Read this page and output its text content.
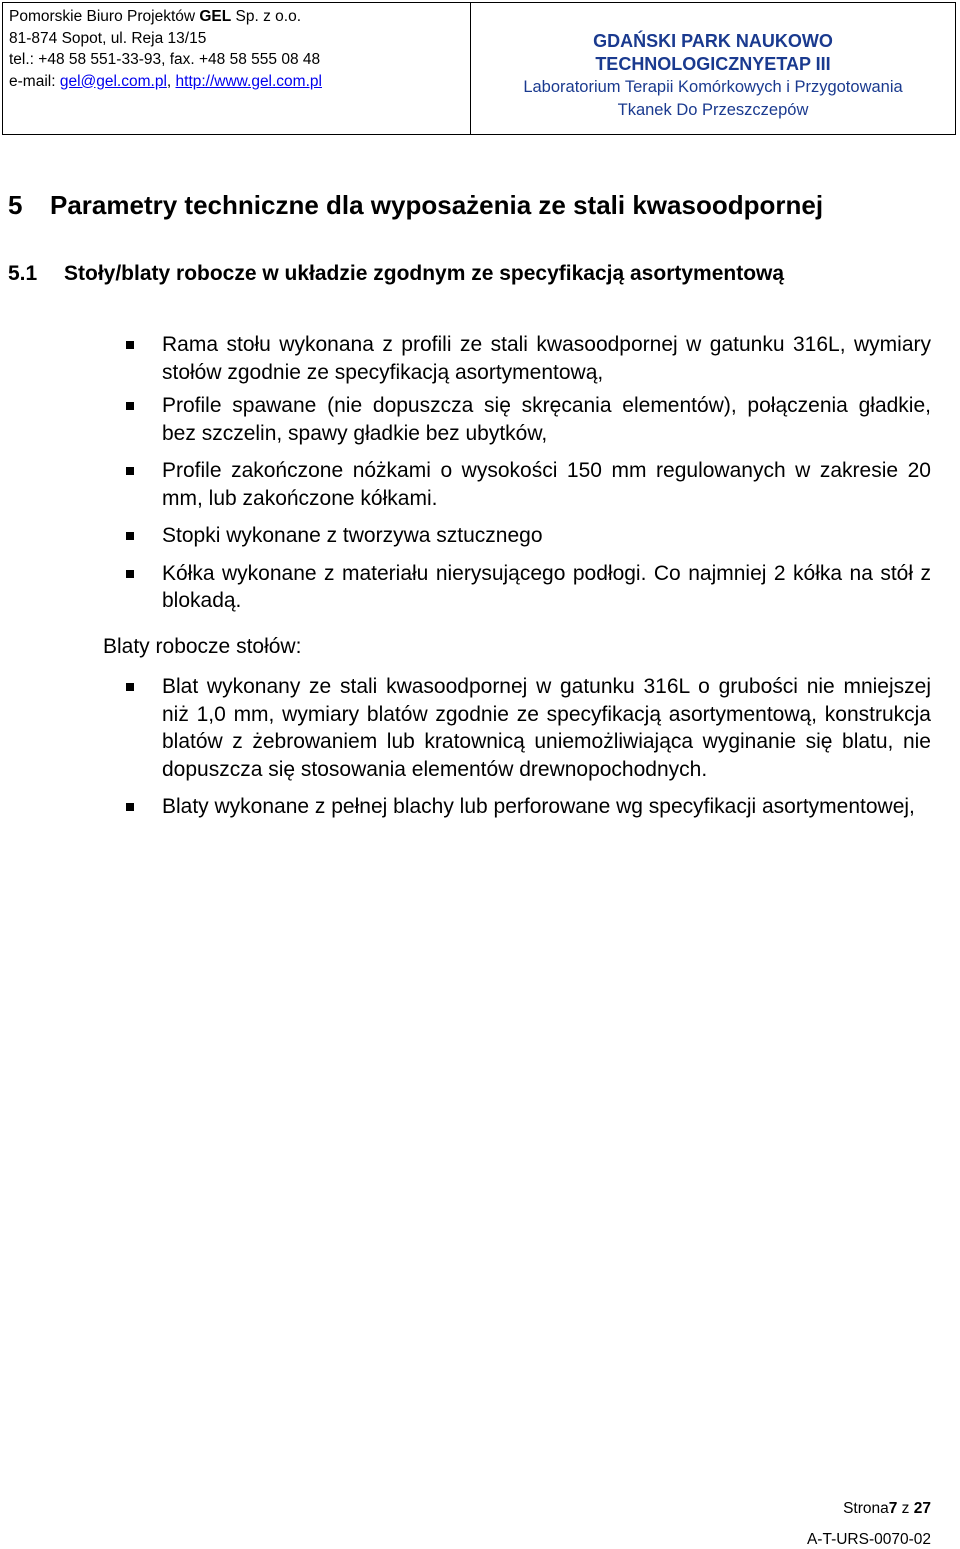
Pomorskie Biuro Projektów GEL Sp. z o.o.
81-874 Sopot, ul. Reja 13/15
tel.: +48 58 551-33-93, fax. +48 58 555 08 48
e-mail: gel@gel.com.pl, http://www.gel.com.pl
GDAŃSKI PARK NAUKOWO
TECHNOLOGICZNYETAP III
Laboratorium Terapii Komórkowych i Przygotowania
Tkanek Do Przeszczepów
5 Parametry techniczne dla wyposażenia ze stali kwasoodpornej
5.1 Stoły/blaty robocze w układzie zgodnym ze specyfikacją asortymentową
Rama stołu wykonana z profili ze stali kwasoodpornej w gatunku 316L, wymiary stołów zgodnie ze specyfikacją asortymentową,
Profile spawane (nie dopuszcza się skręcania elementów), połączenia gładkie, bez szczelin, spawy gładkie bez ubytków,
Profile zakończone nóżkami o wysokości 150 mm regulowanych w zakresie 20 mm, lub zakończone kółkami.
Stopki wykonane z tworzywa sztucznego
Kółka wykonane z materiału nierysującego podłogi. Co najmniej 2 kółka na stół z blokadą.

Blaty robocze stołów:

Blat wykonany ze stali kwasoodpornej w gatunku 316L o grubości nie mniejszej niż 1,0 mm, wymiary blatów zgodnie ze specyfikacją asortymentową, konstrukcja blatów z żebrowaniem lub kratownicą uniemożliwiająca wyginanie się blatu, nie dopuszcza się stosowania elementów drewnopochodnych.
Blaty wykonane z pełnej blachy lub perforowane wg specyfikacji asortymentowej,
Strona7 z 27
A-T-URS-0070-02
